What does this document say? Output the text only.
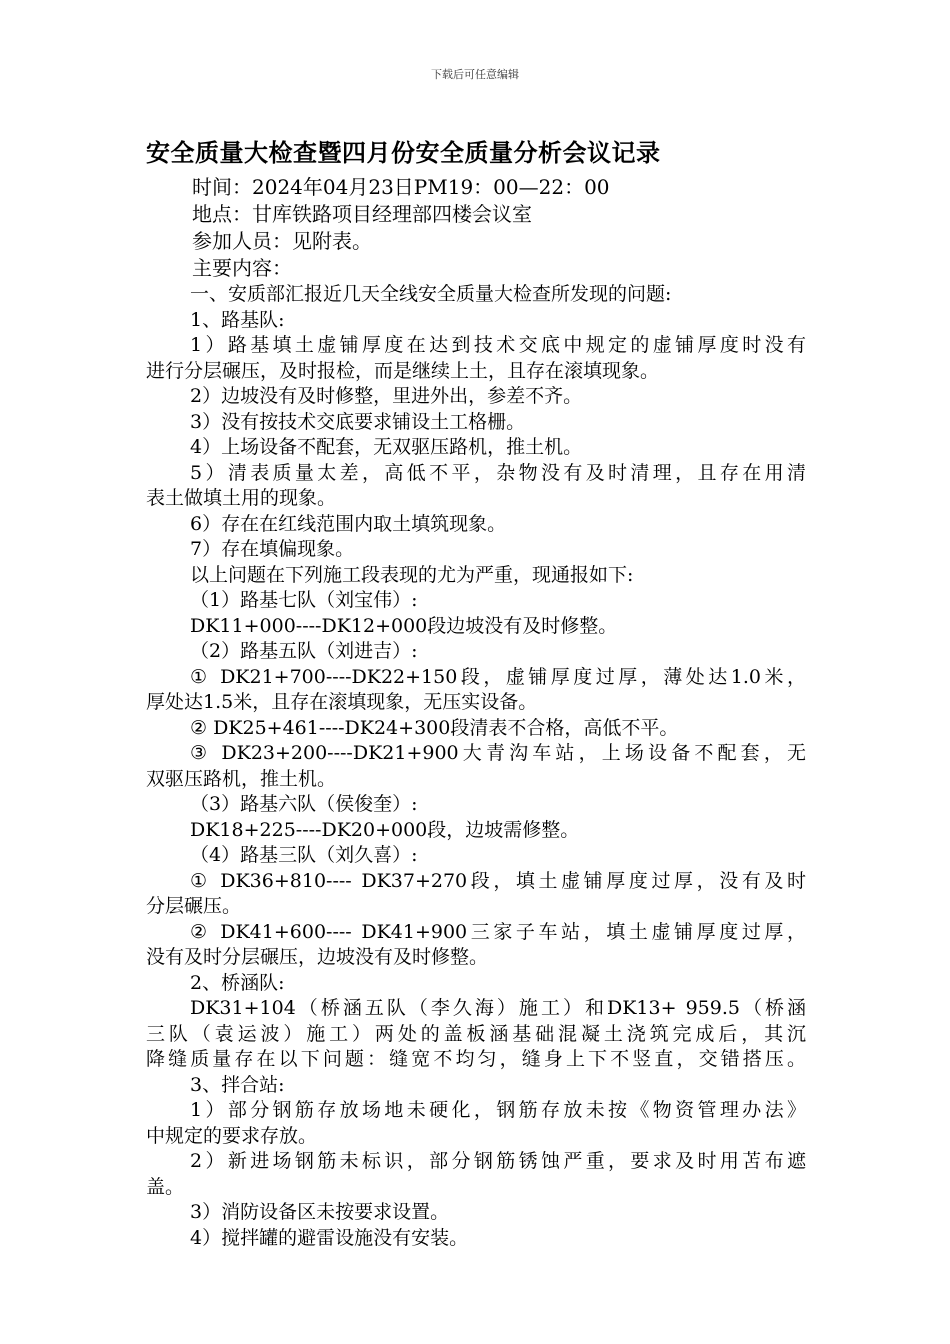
下载后可任意编辑
安全质量大检查暨四月份安全质量分析会议记录
时间：2024年04月23日PM19：00—22：00
地点：甘库铁路项目经理部四楼会议室
参加人员：见附表。
主要内容：
一、安质部汇报近几天全线安全质量大检查所发现的问题:
1、路基队:
1）路基填土虚铺厚度在达到技术交底中规定的虚铺厚度时没有
进行分层碾压，及时报检，而是继续上土，且存在滚填现象。
2）边坡没有及时修整，里进外出，参差不齐。
3）没有按技术交底要求铺设土工格栅。
4）上场设备不配套，无双驱压路机，推土机。
5）清表质量太差，高低不平，杂物没有及时清理，且存在用清
表土做填土用的现象。
6）存在在红线范围内取土填筑现象。
7）存在填偏现象。
以上问题在下列施工段表现的尤为严重，现通报如下:
（1）路基七队（刘宝伟）:
DK11+000----DK12+000段边坡没有及时修整。
（2）路基五队（刘进吉）:
① DK21+700----DK22+150段，虚铺厚度过厚，薄处达1.0米，
厚处达1.5米，且存在滚填现象，无压实设备。
② DK25+461----DK24+300段清表不合格，高低不平。
③ DK23+200----DK21+900大青沟车站，上场设备不配套，无
双驱压路机，推土机。
（3）路基六队（侯俊奎）:
DK18+225----DK20+000段，边坡需修整。
（4）路基三队（刘久喜）:
① DK36+810---- DK37+270段，填土虚铺厚度过厚，没有及时
分层碾压。
② DK41+600---- DK41+900三家子车站，填土虚铺厚度过厚，
没有及时分层碾压，边坡没有及时修整。
2、桥涵队:
DK31+104（桥涵五队（李久海）施工）和DK13+ 959.5（桥涵
三队（袁运波）施工）两处的盖板涵基础混凝土浇筑完成后，其沉
降缝质量存在以下问题：缝宽不均匀，缝身上下不竖直，交错搭压。
3、拌合站:
1）部分钢筋存放场地未硬化，钢筋存放未按《物资管理办法》
中规定的要求存放。
2）新进场钢筋未标识，部分钢筋锈蚀严重，要求及时用苫布遮
盖。
3）消防设备区未按要求设置。
4）搅拌罐的避雷设施没有安装。
